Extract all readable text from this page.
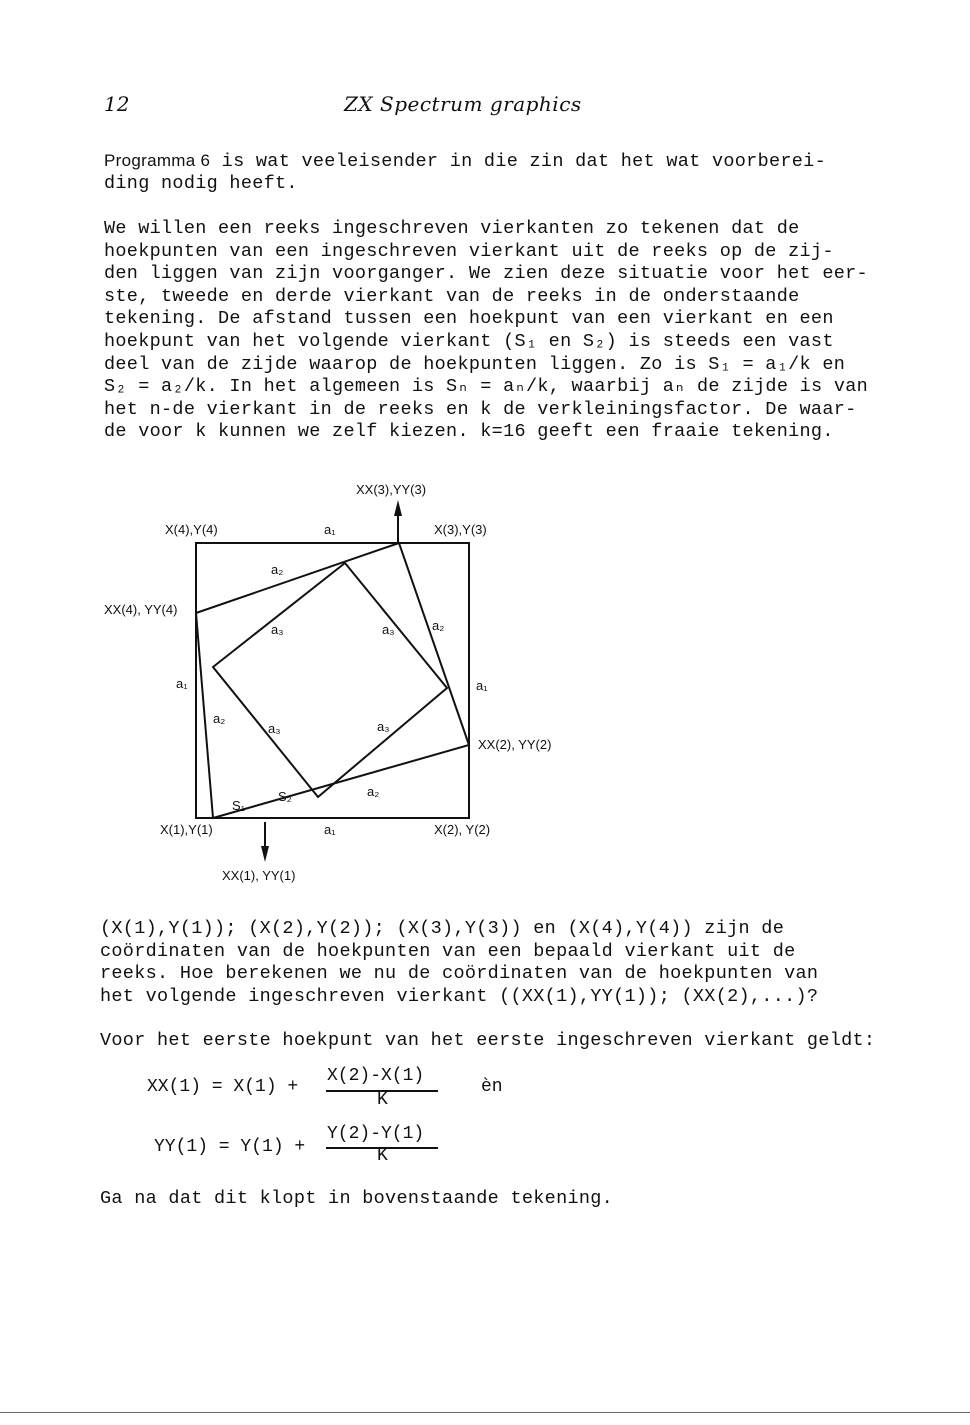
12	ZX Spectrum graphics
Programma 6 is wat veeleisender in die zin dat het wat voorberei-
ding nodig heeft.
We willen een reeks ingeschreven vierkanten zo tekenen dat de
hoekpunten van een ingeschreven vierkant uit de reeks op de zij-
den liggen van zijn voorganger. We zien deze situatie voor het eer-
ste, tweede en derde vierkant van de reeks in de onderstaande
tekening. De afstand tussen een hoekpunt van een vierkant en een
hoekpunt van het volgende vierkant (S₁ en S₂) is steeds een vast
deel van de zijde waarop de hoekpunten liggen. Zo is S₁ = a₁/k en
S₂ = a₂/k. In het algemeen is Sₙ = aₙ/k, waarbij aₙ de zijde is van
het n-de vierkant in de reeks en k de verkleiningsfactor. De waar-
de voor k kunnen we zelf kiezen. k=16 geeft een fraaie tekening.
XX(3),YY(3)
X(4),Y(4)	a₁	X(3),Y(3)
a₂
XX(4), YY(4)
a₃	a₃	a₂
a₁	a₁
a₂
a₃	a₃
XX(2), YY(2)
S₂	a₂
S₁
X(1),Y(1)	a₁	X(2), Y(2)
XX(1), YY(1)
(X(1),Y(1)); (X(2),Y(2)); (X(3),Y(3)) en (X(4),Y(4)) zijn de
coördinaten van de hoekpunten van een bepaald vierkant uit de
reeks. Hoe berekenen we nu de coördinaten van de hoekpunten van
het volgende ingeschreven vierkant ((XX(1),YY(1)); (XX(2),...)?
Voor het eerste hoekpunt van het eerste ingeschreven vierkant geldt:
XX(1) = X(1) +
X(2)-X(1)
K
èn
YY(1) = Y(1) +
Y(2)-Y(1)
K
Ga na dat dit klopt in bovenstaande tekening.
